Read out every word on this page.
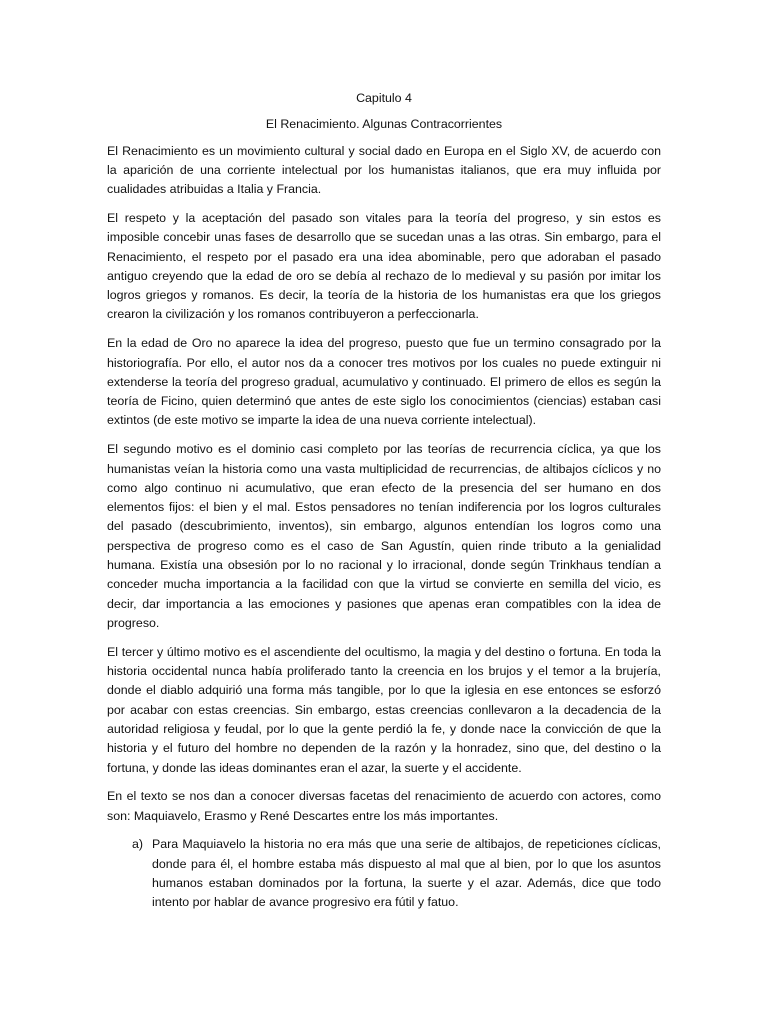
Capitulo 4
El Renacimiento. Algunas Contracorrientes

El Renacimiento es un movimiento cultural y social dado en Europa en el Siglo XV, de acuerdo con la aparición de una corriente intelectual por los humanistas italianos, que era muy influida por cualidades atribuidas a Italia y Francia.

El respeto y la aceptación del pasado son vitales para la teoría del progreso, y sin estos es imposible concebir unas fases de desarrollo que se sucedan unas a las otras. Sin embargo, para el Renacimiento, el respeto por el pasado era una idea abominable, pero que adoraban el pasado antiguo creyendo que la edad de oro se debía al rechazo de lo medieval y su pasión por imitar los logros griegos y romanos. Es decir, la teoría de la historia de los humanistas era que los griegos crearon la civilización y los romanos contribuyeron a perfeccionarla.

En la edad de Oro no aparece la idea del progreso, puesto que fue un termino consagrado por la historiografía. Por ello, el autor nos da a conocer tres motivos por los cuales no puede extinguir ni extenderse la teoría del progreso gradual, acumulativo y continuado. El primero de ellos es según la teoría de Ficino, quien determinó que antes de este siglo los conocimientos (ciencias) estaban casi extintos (de este motivo se imparte la idea de una nueva corriente intelectual).

El segundo motivo es el dominio casi completo por las teorías de recurrencia cíclica, ya que los humanistas veían la historia como una vasta multiplicidad de recurrencias, de altibajos cíclicos y no como algo continuo ni acumulativo, que eran efecto de la presencia del ser humano en dos elementos fijos: el bien y el mal. Estos pensadores no tenían indiferencia por los logros culturales del pasado (descubrimiento, inventos), sin embargo, algunos entendían los logros como una perspectiva de progreso como es el caso de San Agustín, quien rinde tributo a la genialidad humana. Existía una obsesión por lo no racional y lo irracional, donde según Trinkhaus tendían a conceder mucha importancia a la facilidad con que la virtud se convierte en semilla del vicio, es decir, dar importancia a las emociones y pasiones que apenas eran compatibles con la idea de progreso.

El tercer y último motivo es el ascendiente del ocultismo, la magia y del destino o fortuna. En toda la historia occidental nunca había proliferado tanto la creencia en los brujos y el temor a la brujería, donde el diablo adquirió una forma más tangible, por lo que la iglesia en ese entonces se esforzó por acabar con estas creencias. Sin embargo, estas creencias conllevaron a la decadencia de la autoridad religiosa y feudal, por lo que la gente perdió la fe, y donde nace la convicción de que la historia y el futuro del hombre no dependen de la razón y la honradez, sino que, del destino o la fortuna, y donde las ideas dominantes eran el azar, la suerte y el accidente.

En el texto se nos dan a conocer diversas facetas del renacimiento de acuerdo con actores, como son: Maquiavelo, Erasmo y René Descartes entre los más importantes.

a) Para Maquiavelo la historia no era más que una serie de altibajos, de repeticiones cíclicas, donde para él, el hombre estaba más dispuesto al mal que al bien, por lo que los asuntos humanos estaban dominados por la fortuna, la suerte y el azar. Además, dice que todo intento por hablar de avance progresivo era fútil y fatuo.
